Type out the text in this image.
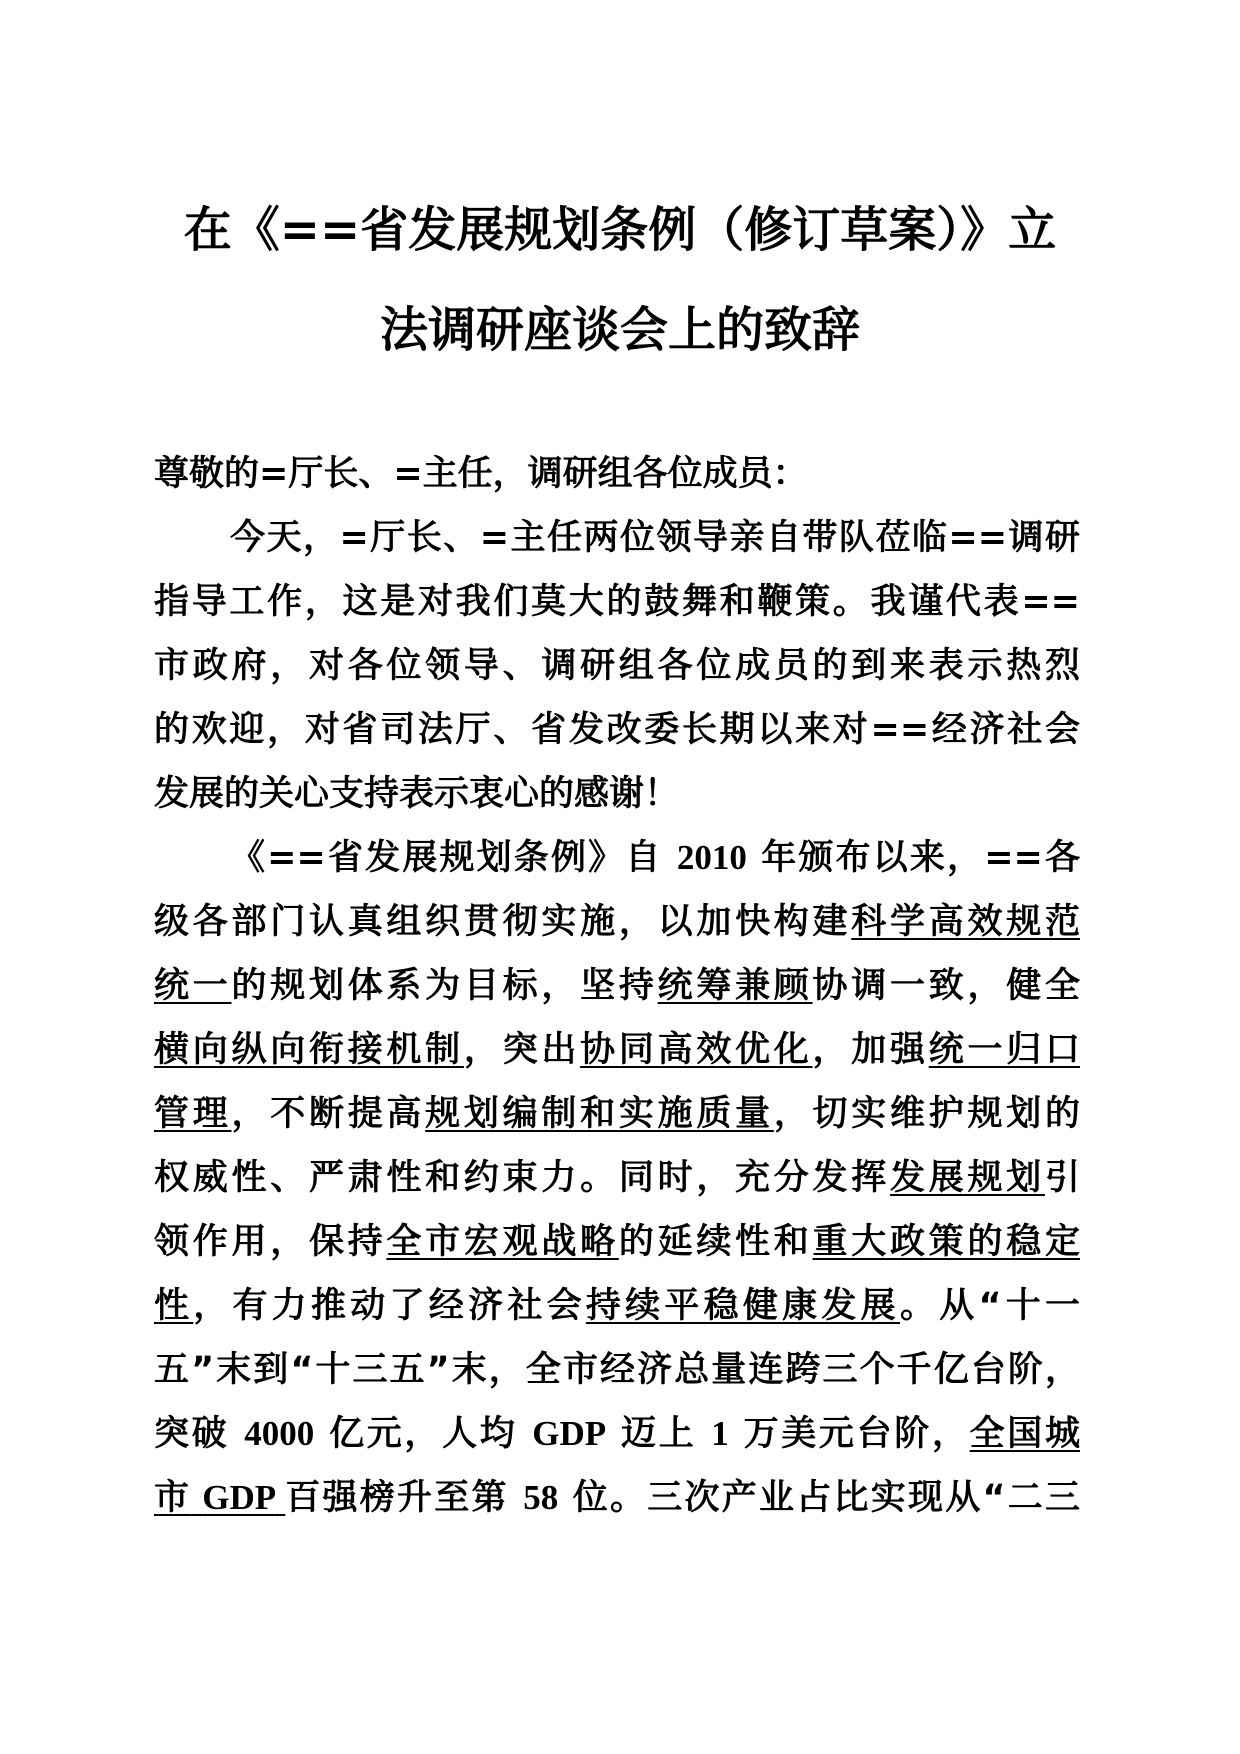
在《==省发展规划条例（修订草案）》立
法调研座谈会上的致辞
尊敬的=厅长、=主任，调研组各位成员：
今天，=厅长、=主任两位领导亲自带队莅临==调研
指导工作，这是对我们莫大的鼓舞和鞭策。我谨代表==
市政府，对各位领导、调研组各位成员的到来表示热烈
的欢迎，对省司法厅、省发改委长期以来对==经济社会
发展的关心支持表示衷心的感谢！
《==省发展规划条例》自 2010 年颁布以来，==各
级各部门认真组织贯彻实施，以加快构建科学高效规范
统一的规划体系为目标，坚持统筹兼顾协调一致，健全
横向纵向衔接机制，突出协同高效优化，加强统一归口
管理，不断提高规划编制和实施质量，切实维护规划的
权威性、严肃性和约束力。同时，充分发挥发展规划引
领作用，保持全市宏观战略的延续性和重大政策的稳定
性，有力推动了经济社会持续平稳健康发展。从“十一
五”末到“十三五”末，全市经济总量连跨三个千亿台阶，
突破 4000 亿元，人均 GDP 迈上 1 万美元台阶，全国城
市 GDP 百强榜升至第 58 位。三次产业占比实现从“二三
